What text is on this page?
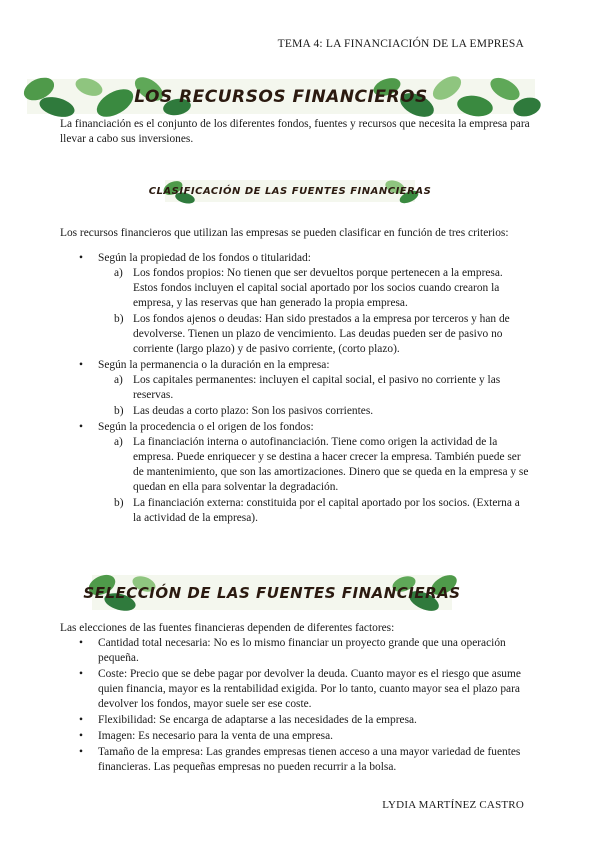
TEMA 4: LA FINANCIACIÓN DE LA EMPRESA
LOS RECURSOS FINANCIEROS
La financiación es el conjunto de los diferentes fondos, fuentes y recursos que necesita la empresa para llevar a cabo sus inversiones.
CLASIFICACIÓN DE LAS FUENTES FINANCIERAS
Los recursos financieros que utilizan las empresas se pueden clasificar en función de tres criterios:
• Según la propiedad de los fondos o titularidad:
a) Los fondos propios: No tienen que ser devueltos porque pertenecen a la empresa. Estos fondos incluyen el capital social aportado por los socios cuando crearon la empresa, y las reservas que han generado la propia empresa.
b) Los fondos ajenos o deudas: Han sido prestados a la empresa por terceros y han de devolverse. Tienen un plazo de vencimiento. Las deudas pueden ser de pasivo no corriente (largo plazo) y de pasivo corriente, (corto plazo).
• Según la permanencia o la duración en la empresa:
a) Los capitales permanentes: incluyen el capital social, el pasivo no corriente y las reservas.
b) Las deudas a corto plazo: Son los pasivos corrientes.
• Según la procedencia o el origen de los fondos:
a) La financiación interna o autofinanciación. Tiene como origen la actividad de la empresa. Puede enriquecer y se destina a hacer crecer la empresa. También puede ser de mantenimiento, que son las amortizaciones. Dinero que se queda en la empresa y se quedan en ella para solventar la degradación.
b) La financiación externa: constituida por el capital aportado por los socios. (Externa a la actividad de la empresa).
SELECCIÓN DE LAS FUENTES FINANCIERAS
Las elecciones de las fuentes financieras dependen de diferentes factores:
• Cantidad total necesaria: No es lo mismo financiar un proyecto grande que una operación pequeña.
• Coste: Precio que se debe pagar por devolver la deuda. Cuanto mayor es el riesgo que asume quien financia, mayor es la rentabilidad exigida. Por lo tanto, cuanto mayor sea el plazo para devolver los fondos, mayor suele ser ese coste.
• Flexibilidad: Se encarga de adaptarse a las necesidades de la empresa.
• Imagen: Es necesario para la venta de una empresa.
• Tamaño de la empresa: Las grandes empresas tienen acceso a una mayor variedad de fuentes financieras. Las pequeñas empresas no pueden recurrir a la bolsa.
LYDIA MARTÍNEZ CASTRO
